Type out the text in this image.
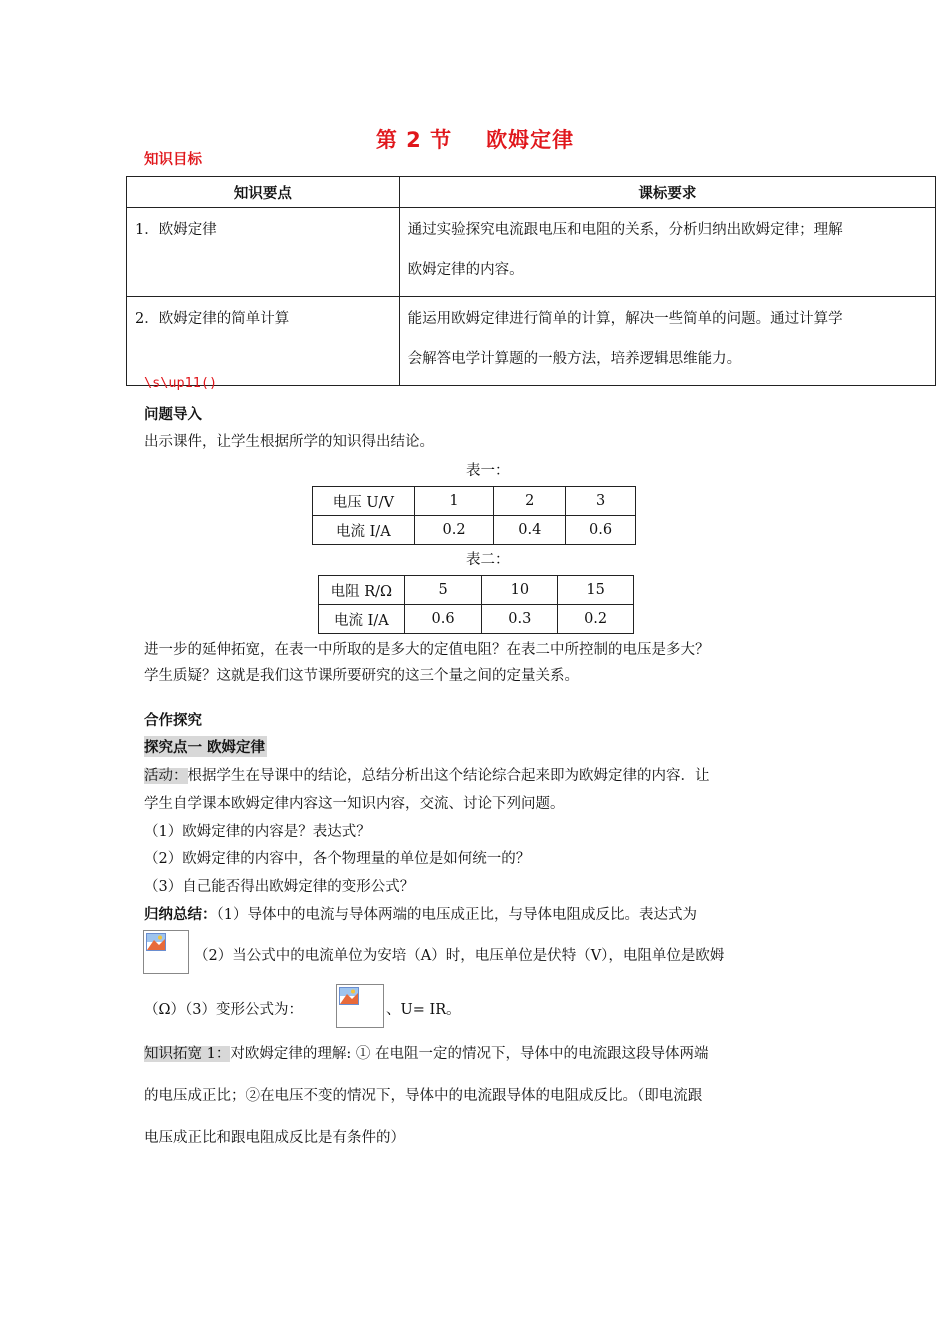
第 2 节 欧姆定律
知识目标
知识要点	课标要求
1．欧姆定律	通过实验探究电流跟电压和电阻的关系，分析归纳出欧姆定律；理解

欧姆定律的内容。

2．欧姆定律的简单计算	能运用欧姆定律进行简单的计算，解决一些简单的问题。通过计算学

会解答电学计算题的一般方法，培养逻辑思维能力。

\s\up11()
问题导入
出示课件，让学生根据所学的知识得出结论。
表一：
电压 U/V	1	2	3
电流 I/A	0.2	0.4	0.6
表二：
电阻 R/Ω	5	10	15
电流 I/A	0.6	0.3	0.2
进一步的延伸拓宽，在表一中所取的是多大的定值电阻？在表二中所控制的电压是多大？
学生质疑？这就是我们这节课所要研究的这三个量之间的定量关系。
合作探究
探究点一 欧姆定律
活动：根据学生在导课中的结论，总结分析出这个结论综合起来即为欧姆定律的内容．让
学生自学课本欧姆定律内容这一知识内容，交流、讨论下列问题。
（1）欧姆定律的内容是？表达式？
（2）欧姆定律的内容中，各个物理量的单位是如何统一的？
（3）自己能否得出欧姆定律的变形公式？
归纳总结：（1）导体中的电流与导体两端的电压成正比，与导体电阻成反比。表达式为
（2）当公式中的电流单位为安培（A）时，电压单位是伏特（V），电阻单位是欧姆
（Ω）（3）变形公式为：	、U= IR。
知识拓宽 1：对欧姆定律的理解: ① 在电阻一定的情况下，导体中的电流跟这段导体两端
的电压成正比；②在电压不变的情况下，导体中的电流跟导体的电阻成反比。（即电流跟
电压成正比和跟电阻成反比是有条件的）
